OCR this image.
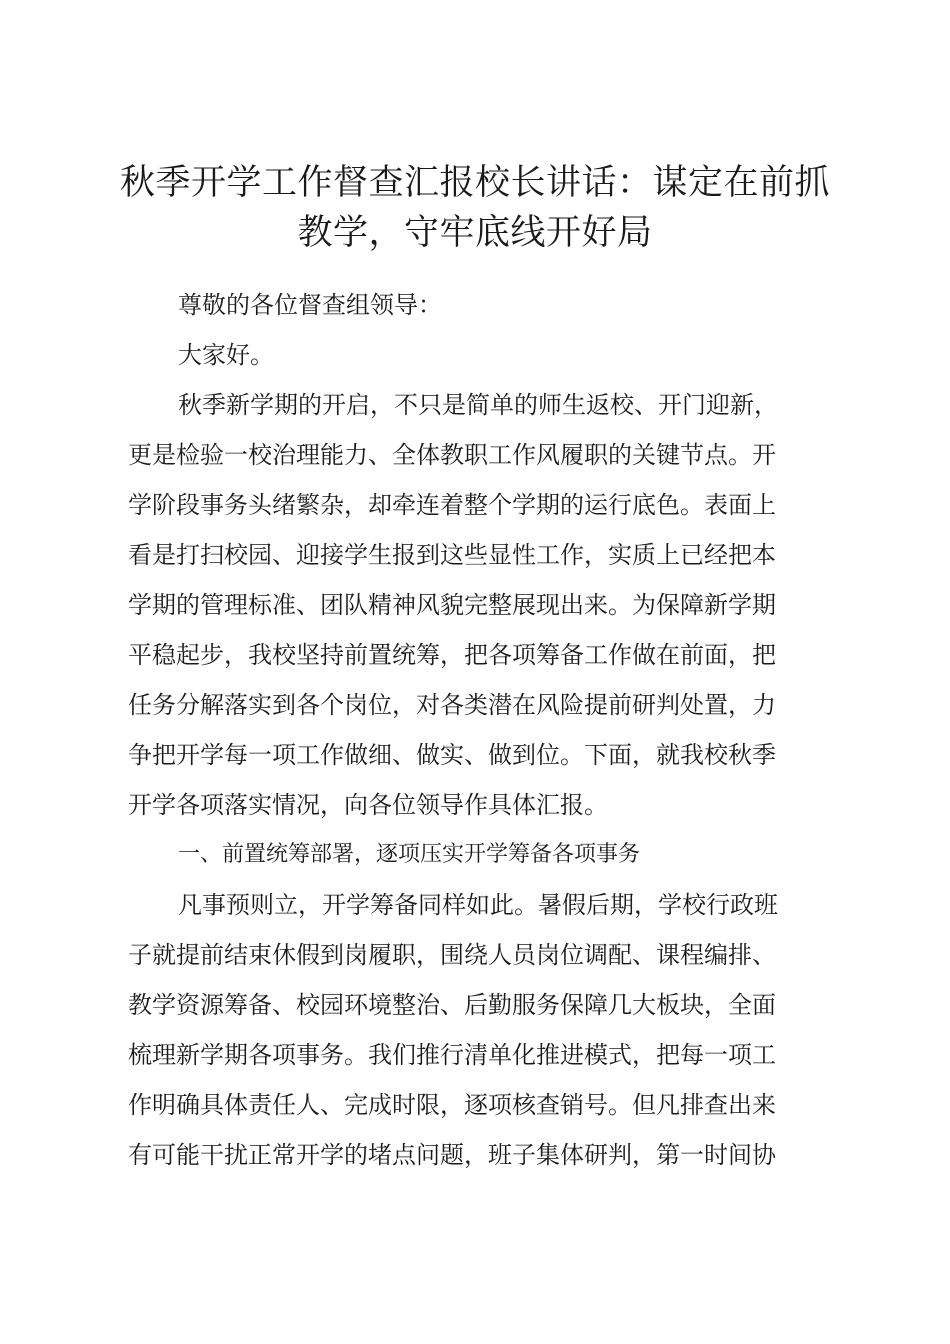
秋季开学工作督查汇报校长讲话：谋定在前抓
教学，守牢底线开好局

尊敬的各位督查组领导：

大家好。

秋季新学期的开启，不只是简单的师生返校、开门迎新，

更是检验一校治理能力、全体教职工作风履职的关键节点。开

学阶段事务头绪繁杂，却牵连着整个学期的运行底色。表面上

看是打扫校园、迎接学生报到这些显性工作，实质上已经把本

学期的管理标准、团队精神风貌完整展现出来。为保障新学期

平稳起步，我校坚持前置统筹，把各项筹备工作做在前面，把

任务分解落实到各个岗位，对各类潜在风险提前研判处置，力

争把开学每一项工作做细、做实、做到位。下面，就我校秋季

开学各项落实情况，向各位领导作具体汇报。

一、前置统筹部署，逐项压实开学筹备各项事务

凡事预则立，开学筹备同样如此。暑假后期，学校行政班

子就提前结束休假到岗履职，围绕人员岗位调配、课程编排、

教学资源筹备、校园环境整治、后勤服务保障几大板块，全面

梳理新学期各项事务。我们推行清单化推进模式，把每一项工

作明确具体责任人、完成时限，逐项核查销号。但凡排查出来

有可能干扰正常开学的堵点问题，班子集体研判，第一时间协
